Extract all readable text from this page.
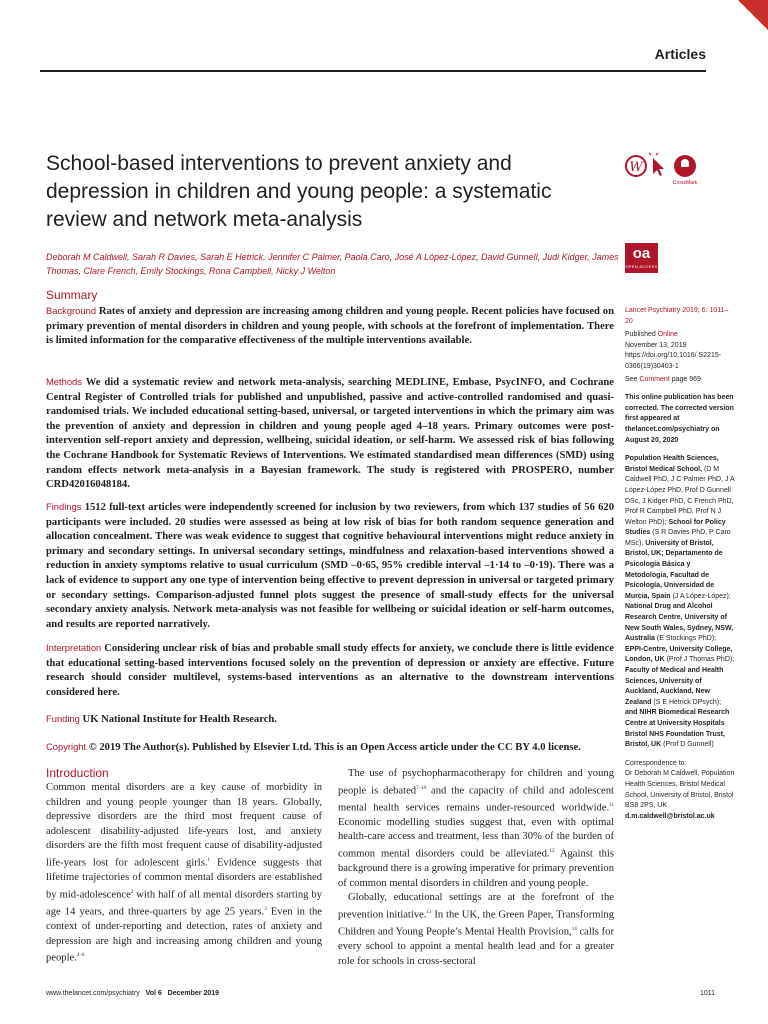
Articles
School-based interventions to prevent anxiety and depression in children and young people: a systematic review and network meta-analysis
W
CrossMark
Deborah M Caldwell, Sarah R Davies, Sarah E Hetrick, Jennifer C Palmer, Paola Caro, José A López-López, David Gunnell, Judi Kidger, James Thomas, Clare French, Emily Stockings, Rona Campbell, Nicky J Welton
oa
OPEN ACCESS
Summary
Background Rates of anxiety and depression are increasing among children and young people. Recent policies have focused on primary prevention of mental disorders in children and young people, with schools at the forefront of implementation. There is limited information for the comparative effectiveness of the multiple interventions available.
Methods We did a systematic review and network meta-analysis, searching MEDLINE, Embase, PsycINFO, and Cochrane Central Register of Controlled trials for published and unpublished, passive and active-controlled randomised and quasi-randomised trials. We included educational setting-based, universal, or targeted interventions in which the primary aim was the prevention of anxiety and depression in children and young people aged 4–18 years. Primary outcomes were post-intervention self-report anxiety and depression, wellbeing, suicidal ideation, or self-harm. We assessed risk of bias following the Cochrane Handbook for Systematic Reviews of Interventions. We estimated standardised mean differences (SMD) using random effects network meta-analysis in a Bayesian framework. The study is registered with PROSPERO, number CRD42016048184.
Findings 1512 full-text articles were independently screened for inclusion by two reviewers, from which 137 studies of 56 620 participants were included. 20 studies were assessed as being at low risk of bias for both random sequence generation and allocation concealment. There was weak evidence to suggest that cognitive behavioural interventions might reduce anxiety in primary and secondary settings. In universal secondary settings, mindfulness and relaxation-based interventions showed a reduction in anxiety symptoms relative to usual curriculum (SMD –0·65, 95% credible interval –1·14 to –0·19). There was a lack of evidence to support any one type of intervention being effective to prevent depression in universal or targeted primary or secondary settings. Comparison-adjusted funnel plots suggest the presence of small-study effects for the universal secondary anxiety analysis. Network meta-analysis was not feasible for wellbeing or suicidal ideation or self-harm outcomes, and results are reported narratively.
Interpretation Considering unclear risk of bias and probable small study effects for anxiety, we conclude there is little evidence that educational setting-based interventions focused solely on the prevention of depression or anxiety are effective. Future research should consider multilevel, systems-based interventions as an alternative to the downstream interventions considered here.
Funding UK National Institute for Health Research.
Copyright © 2019 The Author(s). Published by Elsevier Ltd. This is an Open Access article under the CC BY 4.0 license.
Lancet Psychiatry 2019; 6: 1011–20
Published Online
November 13, 2019
https://doi.org/10.1016/ S2215-0366(19)30403-1
See Comment page 969
This online publication has been corrected. The corrected version first appeared at thelancet.com/psychiatry on August 20, 2020
Population Health Sciences, Bristol Medical School, (D M Caldwell PhD, J C Palmer PhD, J A López-López PhD, Prof D Gunnell DSc, J Kidger PhD, C French PhD, Prof R Campbell PhD, Prof N J Welton PhD); School for Policy Studies (S R Davies PhD, P Caro MSc), University of Bristol, Bristol, UK; Departamento de Psicología Básica y Metodología, Facultad de Psicología, Universidad de Murcia, Spain (J A López-López); National Drug and Alcohol Research Centre, University of New South Wales, Sydney, NSW, Australia (E Stockings PhD); EPPI-Centre, University College, London, UK (Prof J Thomas PhD); Faculty of Medical and Health Sciences, University of Auckland, Auckland, New Zealand (S E Hetrick DPsych); and NIHR Biomedical Research Centre at University Hospitals Bristol NHS Foundation Trust, Bristol, UK (Prof D Gunnell)
Correspondence to:
Dr Deborah M Caldwell, Population Health Sciences, Bristol Medical School, University of Bristol, Bristol BS8 2PS, UK
d.m.caldwell@bristol.ac.uk
Introduction
Common mental disorders are a key cause of morbidity in children and young people younger than 18 years. Globally, depressive disorders are the third most frequent cause of adolescent disability-adjusted life-years lost, and anxiety disorders are the fifth most frequent cause of disability-adjusted life-years lost for adolescent girls.$^1$ Evidence suggests that lifetime trajectories of common mental disorders are established by mid-adolescence$^2$ with half of all mental disorders starting by age 14 years, and three-quarters by age 25 years.$^3$ Even in the context of under-reporting and detection, rates of anxiety and depression are high and increasing among children and young people.$^{4-6}$
The use of psychopharmacotherapy for children and young people is debated$^{7-10}$ and the capacity of child and adolescent mental health services remains under-resourced worldwide.$^{11}$ Economic modelling studies suggest that, even with optimal health-care access and treatment, less than 30% of the burden of common mental disorders could be alleviated.$^{12}$ Against this background there is a growing imperative for primary prevention of common mental disorders in children and young people.
Globally, educational settings are at the forefront of the prevention initiative.$^{13}$ In the UK, the Green Paper, Transforming Children and Young People’s Mental Health Provision,$^{14}$ calls for every school to appoint a mental health lead and for a greater role for schools in cross-sectoral
www.thelancet.com/psychiatry Vol 6 December 2019	1011
